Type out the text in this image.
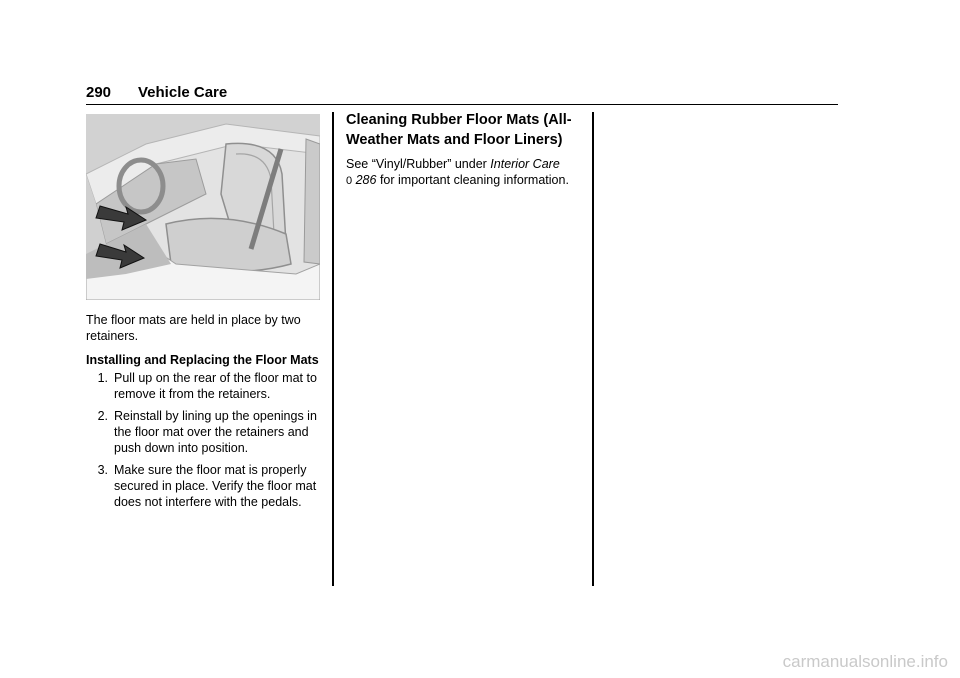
290 Vehicle Care

The floor mats are held in place by two retainers.

Installing and Replacing the Floor Mats

1. Pull up on the rear of the floor mat to remove it from the retainers.
2. Reinstall by lining up the openings in the floor mat over the retainers and push down into position.
3. Make sure the floor mat is properly secured in place. Verify the floor mat does not interfere with the pedals.
Cleaning Rubber Floor Mats (All-Weather Mats and Floor Liners)

See “Vinyl/Rubber” under Interior Care
0 286 for important cleaning information.

carmanualsonline.info
